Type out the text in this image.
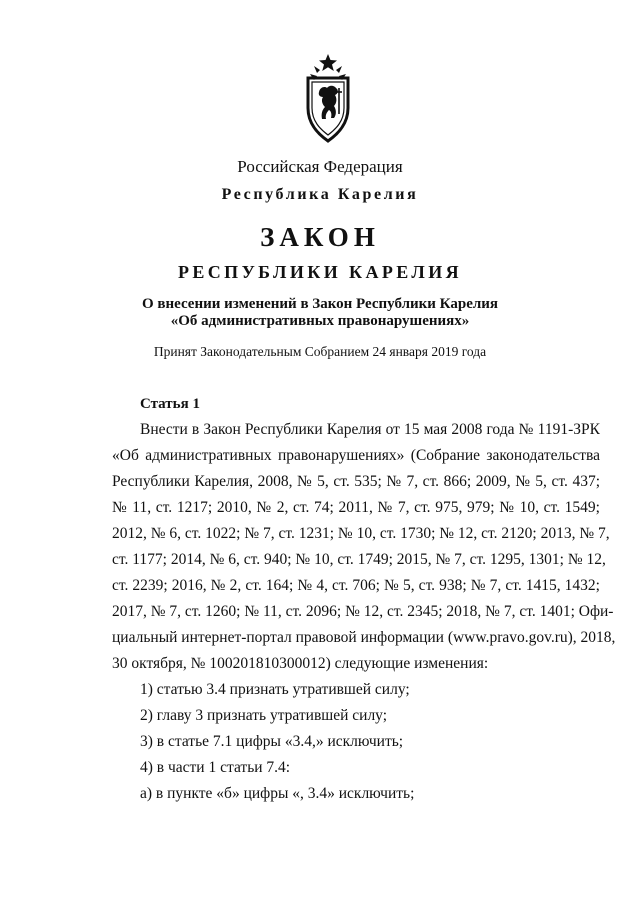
Российская Федерация
Республика Карелия
ЗАКОН
РЕСПУБЛИКИ КАРЕЛИЯ
О внесении изменений в Закон Республики Карелия
«Об административных правонарушениях»
Принят Законодательным Собранием 24 января 2019 года
Статья 1
Внести в Закон Республики Карелия от 15 мая 2008 года № 1191-ЗРК
«Об административных правонарушениях» (Собрание законодательства
Республики Карелия, 2008, № 5, ст. 535; № 7, ст. 866; 2009, № 5, ст. 437;
№ 11, ст. 1217; 2010, № 2, ст. 74; 2011, № 7, ст. 975, 979; № 10, ст. 1549;
2012, № 6, ст. 1022; № 7, ст. 1231; № 10, ст. 1730; № 12, ст. 2120; 2013, № 7,
ст. 1177; 2014, № 6, ст. 940; № 10, ст. 1749; 2015, № 7, ст. 1295, 1301; № 12,
ст. 2239; 2016, № 2, ст. 164; № 4, ст. 706; № 5, ст. 938; № 7, ст. 1415, 1432;
2017, № 7, ст. 1260; № 11, ст. 2096; № 12, ст. 2345; 2018, № 7, ст. 1401; Офи-
циальный интернет-портал правовой информации (www.pravo.gov.ru), 2018,
30 октября, № 100201810300012) следующие изменения:
1) статью 3.4 признать утратившей силу;
2) главу 3 признать утратившей силу;
3) в статье 7.1 цифры «3.4,» исключить;
4) в части 1 статьи 7.4:
а) в пункте «б» цифры «, 3.4» исключить;
